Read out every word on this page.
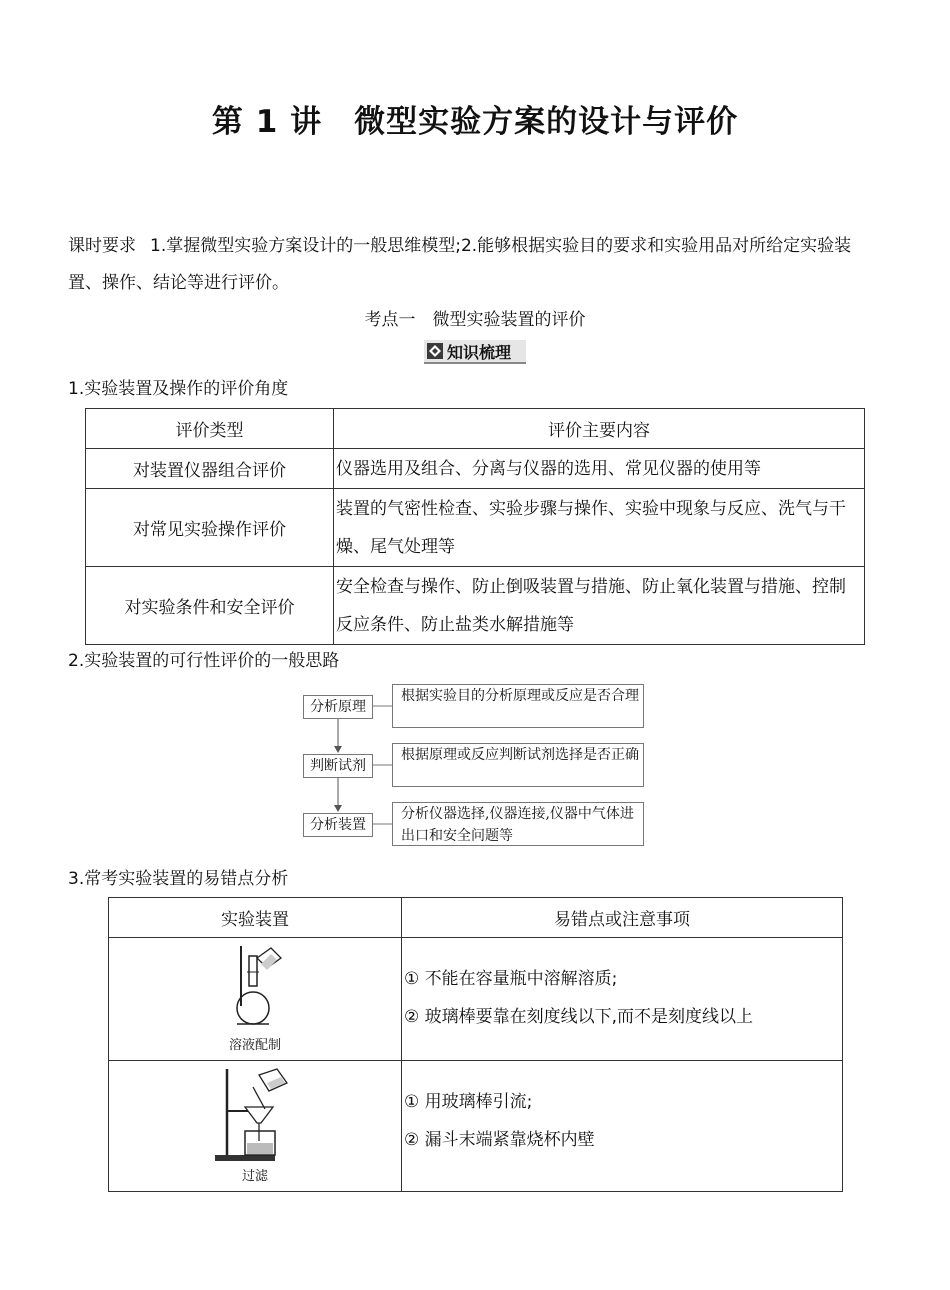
第 1 讲　微型实验方案的设计与评价
课时要求 1.掌握微型实验方案设计的一般思维模型;2.能够根据实验目的要求和实验用品对所给定实验装置、操作、结论等进行评价。
考点一　微型实验装置的评价
知识梳理
1.实验装置及操作的评价角度
评价类型	评价主要内容
对装置仪器组合评价	仪器选用及组合、分离与仪器的选用、常见仪器的使用等
对常见实验操作评价	装置的气密性检查、实验步骤与操作、实验中现象与反应、洗气与干燥、尾气处理等
对实验条件和安全评价	安全检查与操作、防止倒吸装置与措施、防止氧化装置与措施、控制反应条件、防止盐类水解措施等
2.实验装置的可行性评价的一般思路
分析原理
根据实验目的分析原理或反应是否合理
判断试剂
根据原理或反应判断试剂选择是否正确
分析装置
分析仪器选择,仪器连接,仪器中气体进出口和安全问题等
3.常考实验装置的易错点分析
实验装置	易错点或注意事项

溶液配制	① 不能在容量瓶中溶解溶质;
② 玻璃棒要靠在刻度线以下,而不是刻度线以上

过滤	① 用玻璃棒引流;
② 漏斗末端紧靠烧杯内壁
